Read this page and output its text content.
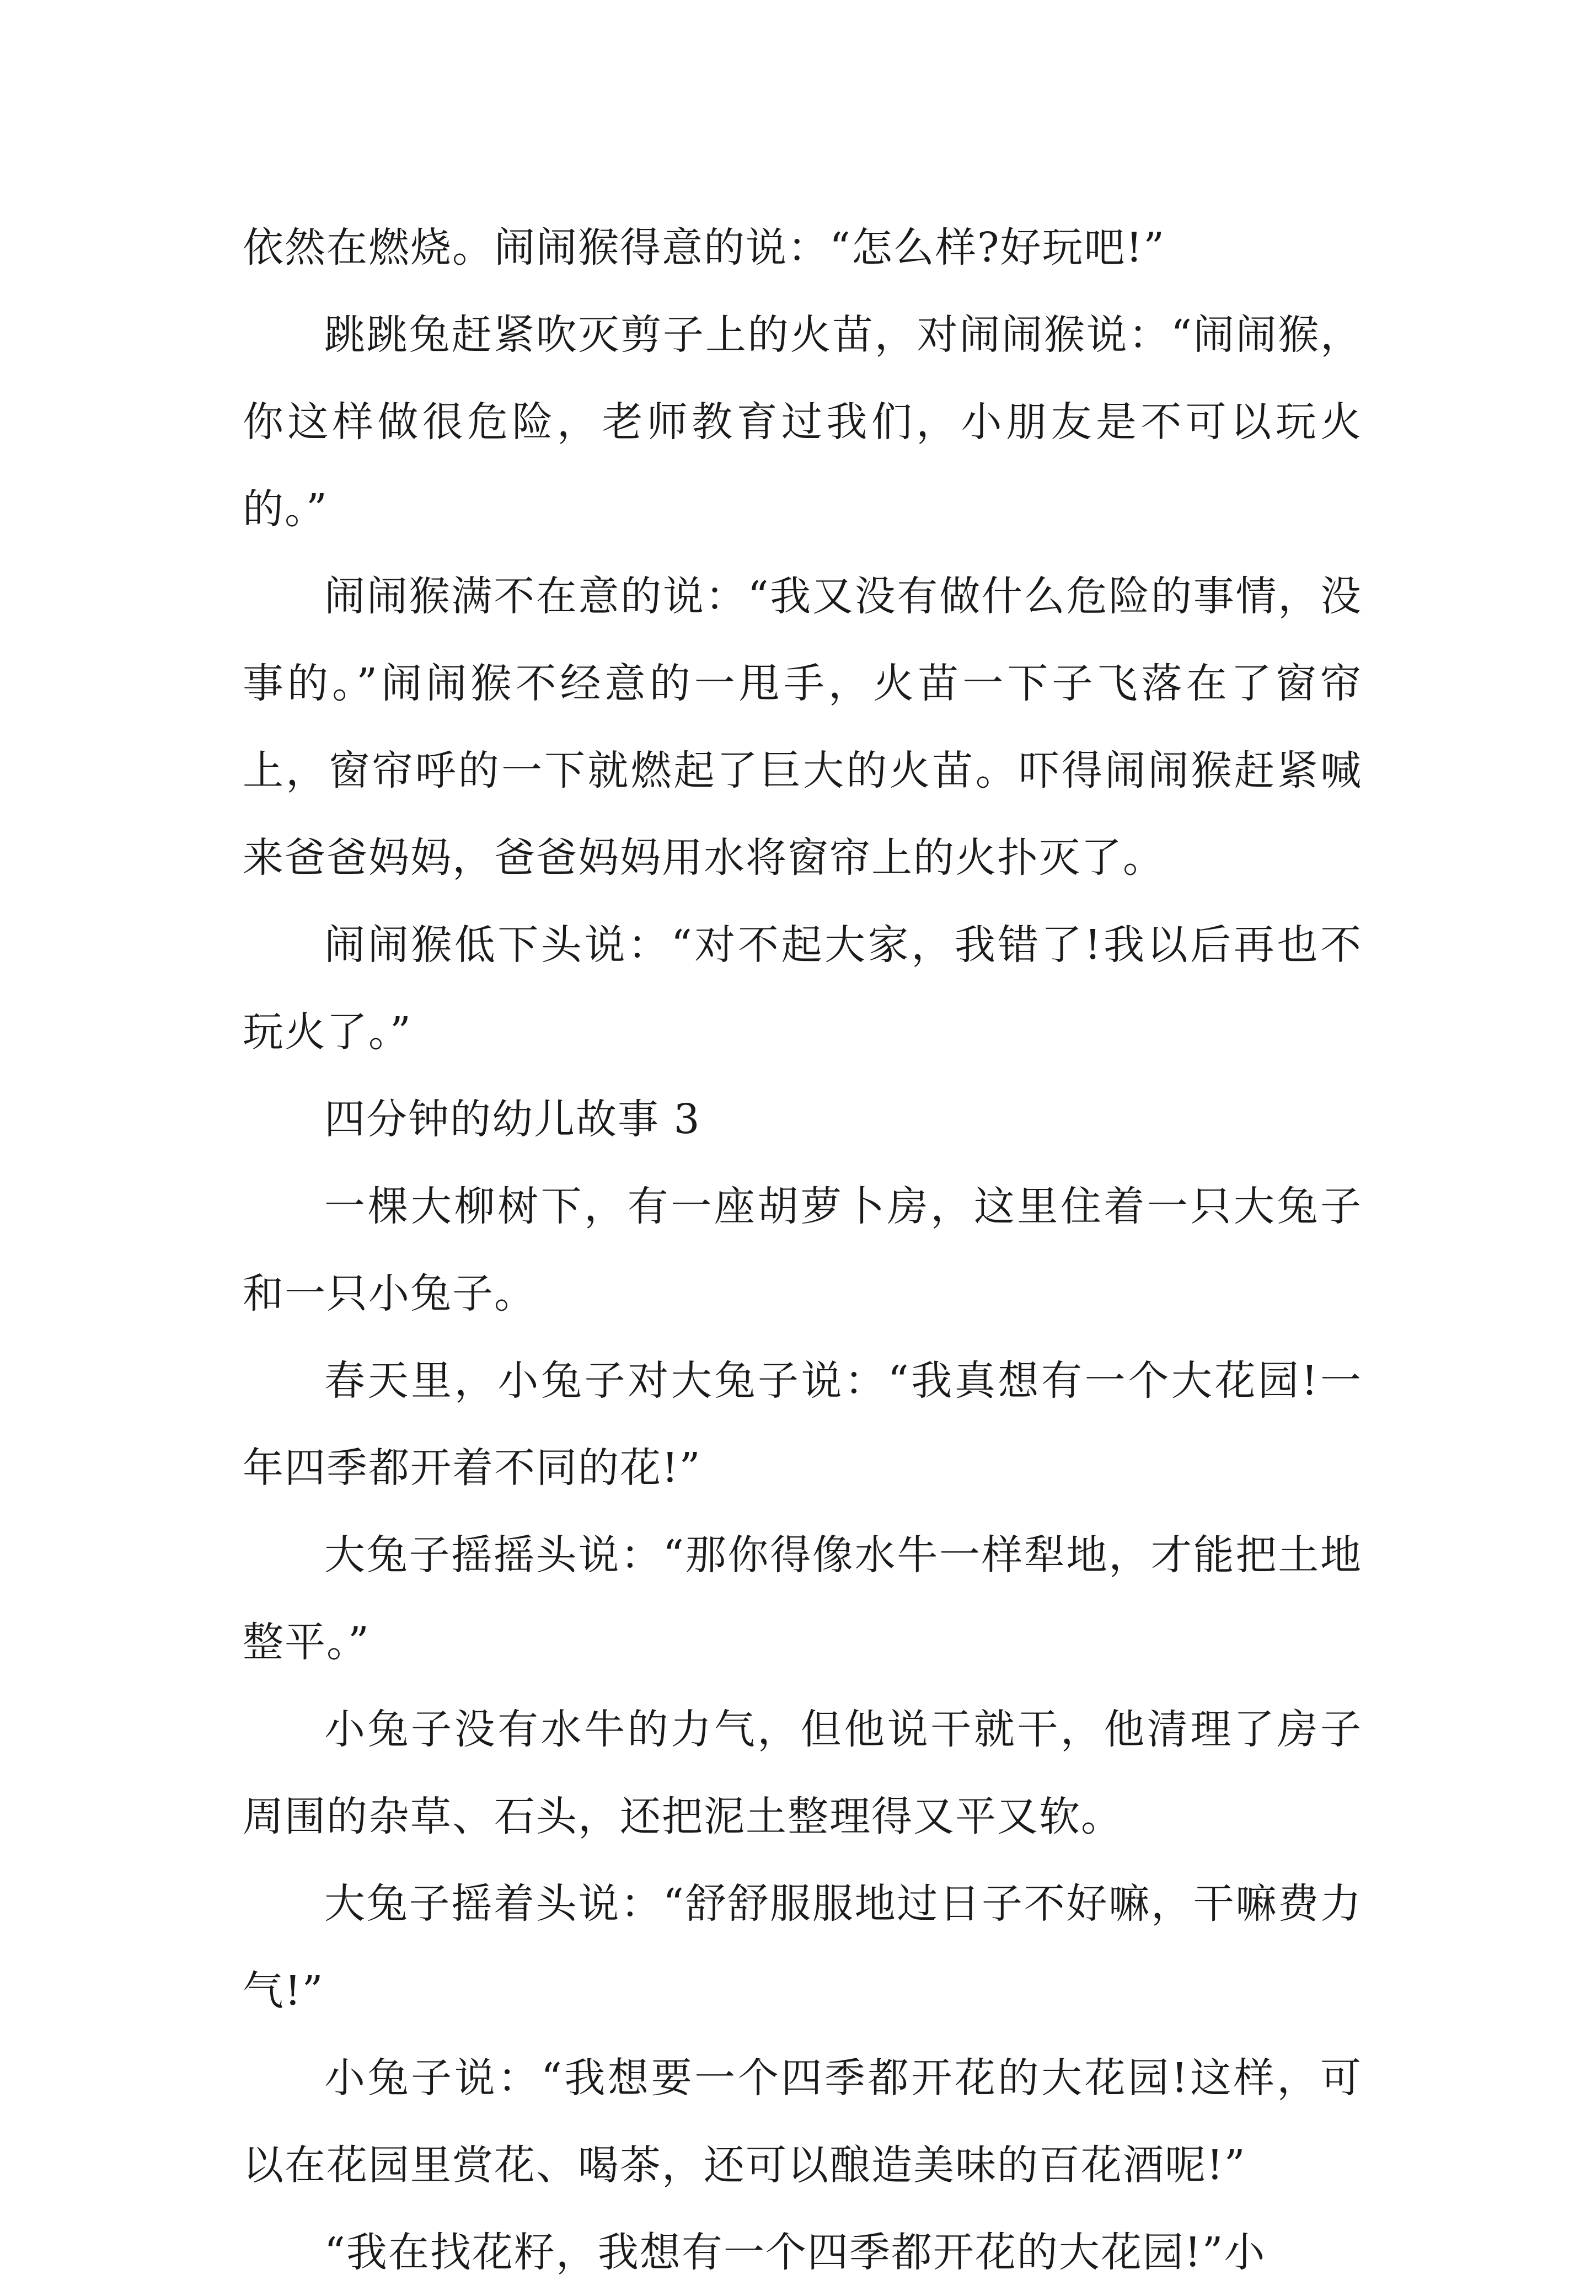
依然在燃烧。闹闹猴得意的说：“怎么样?好玩吧!”

跳跳兔赶紧吹灭剪子上的火苗，对闹闹猴说：“闹闹猴，你这样做很危险，老师教育过我们，小朋友是不可以玩火的。”

闹闹猴满不在意的说：“我又没有做什么危险的事情，没事的。”闹闹猴不经意的一甩手，火苗一下子飞落在了窗帘上，窗帘呼的一下就燃起了巨大的火苗。吓得闹闹猴赶紧喊来爸爸妈妈，爸爸妈妈用水将窗帘上的火扑灭了。

闹闹猴低下头说：“对不起大家，我错了!我以后再也不玩火了。”

四分钟的幼儿故事 3

一棵大柳树下，有一座胡萝卜房，这里住着一只大兔子和一只小兔子。

春天里，小兔子对大兔子说：“我真想有一个大花园!一年四季都开着不同的花!”

大兔子摇摇头说：“那你得像水牛一样犁地，才能把土地整平。”

小兔子没有水牛的力气，但他说干就干，他清理了房子周围的杂草、石头，还把泥土整理得又平又软。

大兔子摇着头说：“舒舒服服地过日子不好嘛，干嘛费力气!”

小兔子说：“我想要一个四季都开花的大花园!这样，可以在花园里赏花、喝茶，还可以酿造美味的百花酒呢!”

“我在找花籽，我想有一个四季都开花的大花园!”小
